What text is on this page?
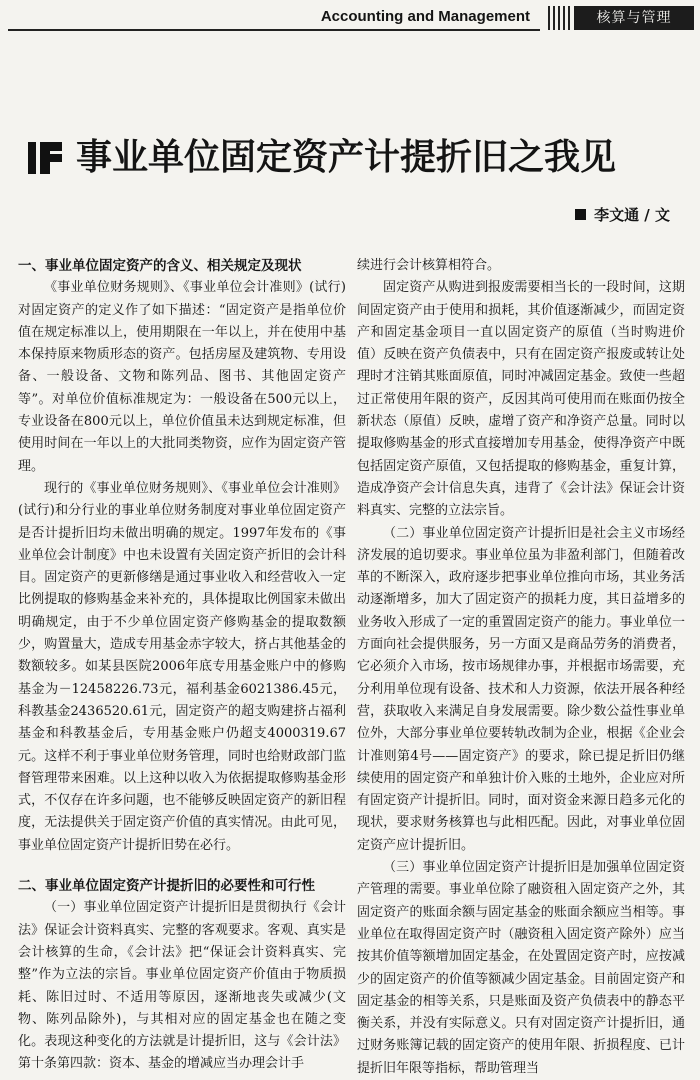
Accounting and Management	核算与管理
事业单位固定资产计提折旧之我见
李文通 / 文
一、事业单位固定资产的含义、相关规定及现状

《事业单位财务规则》、《事业单位会计准则》(试行)对固定资产的定义作了如下描述：“固定资产是指单位价值在规定标准以上，使用期限在一年以上，并在使用中基本保持原来物质形态的资产。包括房屋及建筑物、专用设备、一般设备、文物和陈列品、图书、其他固定资产等”。对单位价值标准规定为：一般设备在500元以上，专业设备在800元以上，单位价值虽未达到规定标准，但使用时间在一年以上的大批同类物资，应作为固定资产管理。

现行的《事业单位财务规则》、《事业单位会计准则》(试行)和分行业的事业单位财务制度对事业单位固定资产是否计提折旧均未做出明确的规定。1997年发布的《事业单位会计制度》中也未设置有关固定资产折旧的会计科目。固定资产的更新修缮是通过事业收入和经营收入一定比例提取的修购基金来补充的，具体提取比例国家未做出明确规定，由于不少单位固定资产修购基金的提取数额少，购置量大，造成专用基金赤字较大，挤占其他基金的数额较多。如某县医院2006年底专用基金账户中的修购基金为－12458226.73元，福利基金6021386.45元，科教基金2436520.61元，固定资产的超支购建挤占福利基金和科教基金后，专用基金账户仍超支4000319.67元。这样不利于事业单位财务管理，同时也给财政部门监督管理带来困难。以上这种以收入为依据提取修购基金形式，不仅存在许多问题，也不能够反映固定资产的新旧程度，无法提供关于固定资产价值的真实情况。由此可见，事业单位固定资产计提折旧势在必行。

二、事业单位固定资产计提折旧的必要性和可行性

（一）事业单位固定资产计提折旧是贯彻执行《会计法》保证会计资料真实、完整的客观要求。客观、真实是会计核算的生命，《会计法》把“保证会计资料真实、完整”作为立法的宗旨。事业单位固定资产价值由于物质损耗、陈旧过时、不适用等原因，逐渐地丧失或减少(文物、陈列品除外)，与其相对应的固定基金也在随之变化。表现这种变化的方法就是计提折旧，这与《会计法》第十条第四款：资本、基金的增减应当办理会计手

续进行会计核算相符合。

固定资产从购进到报废需要相当长的一段时间，这期间固定资产由于使用和损耗，其价值逐渐减少，而固定资产和固定基金项目一直以固定资产的原值（当时购进价值）反映在资产负债表中，只有在固定资产报废或转让处理时才注销其账面原值，同时冲减固定基金。致使一些超过正常使用年限的资产，反因其尚可使用而在账面仍按全新状态（原值）反映，虚增了资产和净资产总量。同时以提取修购基金的形式直接增加专用基金，使得净资产中既包括固定资产原值，又包括提取的修购基金，重复计算，造成净资产会计信息失真，违背了《会计法》保证会计资料真实、完整的立法宗旨。

（二）事业单位固定资产计提折旧是社会主义市场经济发展的追切要求。事业单位虽为非盈利部门，但随着改革的不断深入，政府逐步把事业单位推向市场，其业务活动逐渐增多，加大了固定资产的损耗力度，其日益增多的业务收入形成了一定的重置固定资产的能力。事业单位一方面向社会提供服务，另一方面又是商品劳务的消费者，它必须介入市场，按市场规律办事，并根据市场需要，充分利用单位现有设备、技术和人力资源，依法开展各种经营，获取收入来满足自身发展需要。除少数公益性事业单位外，大部分事业单位要转轨改制为企业，根据《企业会计准则第4号——固定资产》的要求，除已提足折旧仍继续使用的固定资产和单独计价入账的土地外，企业应对所有固定资产计提折旧。同时，面对资金来源日趋多元化的现状，要求财务核算也与此相匹配。因此，对事业单位固定资产应计提折旧。

（三）事业单位固定资产计提折旧是加强单位固定资产管理的需要。事业单位除了融资租入固定资产之外，其固定资产的账面余额与固定基金的账面余额应当相等。事业单位在取得固定资产时（融资租入固定资产除外）应当按其价值等额增加固定基金，在处置固定资产时，应按减少的固定资产的价值等额减少固定基金。目前固定资产和固定基金的相等关系，只是账面及资产负债表中的静态平衡关系，并没有实际意义。只有对固定资产计提折旧，通过财务账簿记载的固定资产的使用年限、折损程度、已计提折旧年限等指标，帮助管理当
